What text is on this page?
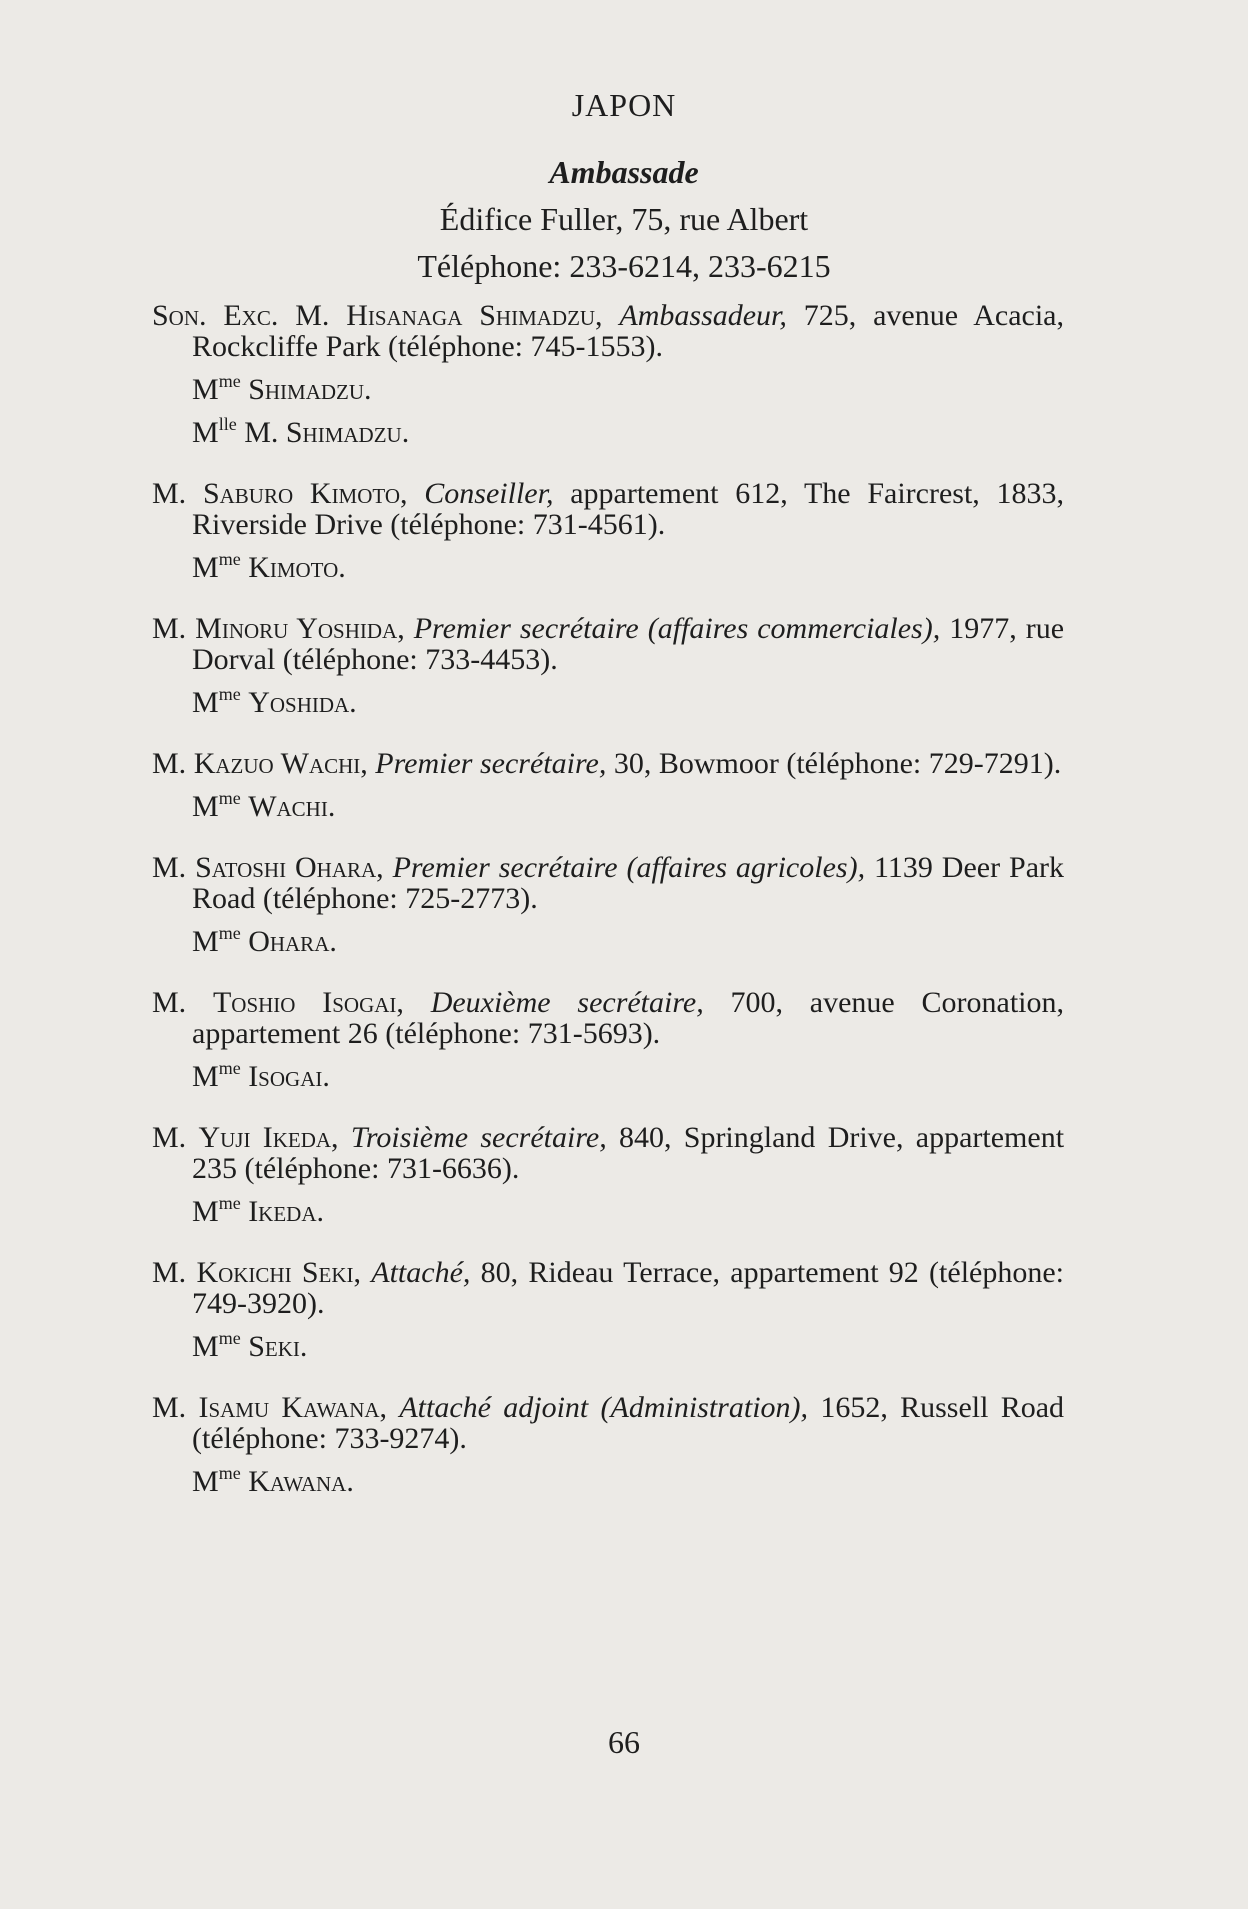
JAPON
Ambassade
Édifice Fuller, 75, rue Albert
Téléphone: 233-6214, 233-6215
Son. Exc. M. Hisanaga Shimadzu, Ambassadeur, 725, avenue Acacia, Rockcliffe Park (téléphone: 745-1553).
$M^{me}$ Shimadzu.
$M^{lle}$ M. Shimadzu.
M. Saburo Kimoto, Conseiller, appartement 612, The Faircrest, 1833, Riverside Drive (téléphone: 731-4561).
$M^{me}$ Kimoto.
M. Minoru Yoshida, Premier secrétaire (affaires commerciales), 1977, rue Dorval (téléphone: 733-4453).
$M^{me}$ Yoshida.
M. Kazuo Wachi, Premier secrétaire, 30, Bowmoor (téléphone: 729-7291).
$M^{me}$ Wachi.
M. Satoshi Ohara, Premier secrétaire (affaires agricoles), 1139 Deer Park Road (téléphone: 725-2773).
$M^{me}$ Ohara.
M. Toshio Isogai, Deuxième secrétaire, 700, avenue Coronation, appartement 26 (téléphone: 731-5693).
$M^{me}$ Isogai.
M. Yuji Ikeda, Troisième secrétaire, 840, Springland Drive, appartement 235 (téléphone: 731-6636).
$M^{me}$ Ikeda.
M. Kokichi Seki, Attaché, 80, Rideau Terrace, appartement 92 (téléphone: 749-3920).
$M^{me}$ Seki.
M. Isamu Kawana, Attaché adjoint (Administration), 1652, Russell Road (téléphone: 733-9274).
$M^{me}$ Kawana.
66
